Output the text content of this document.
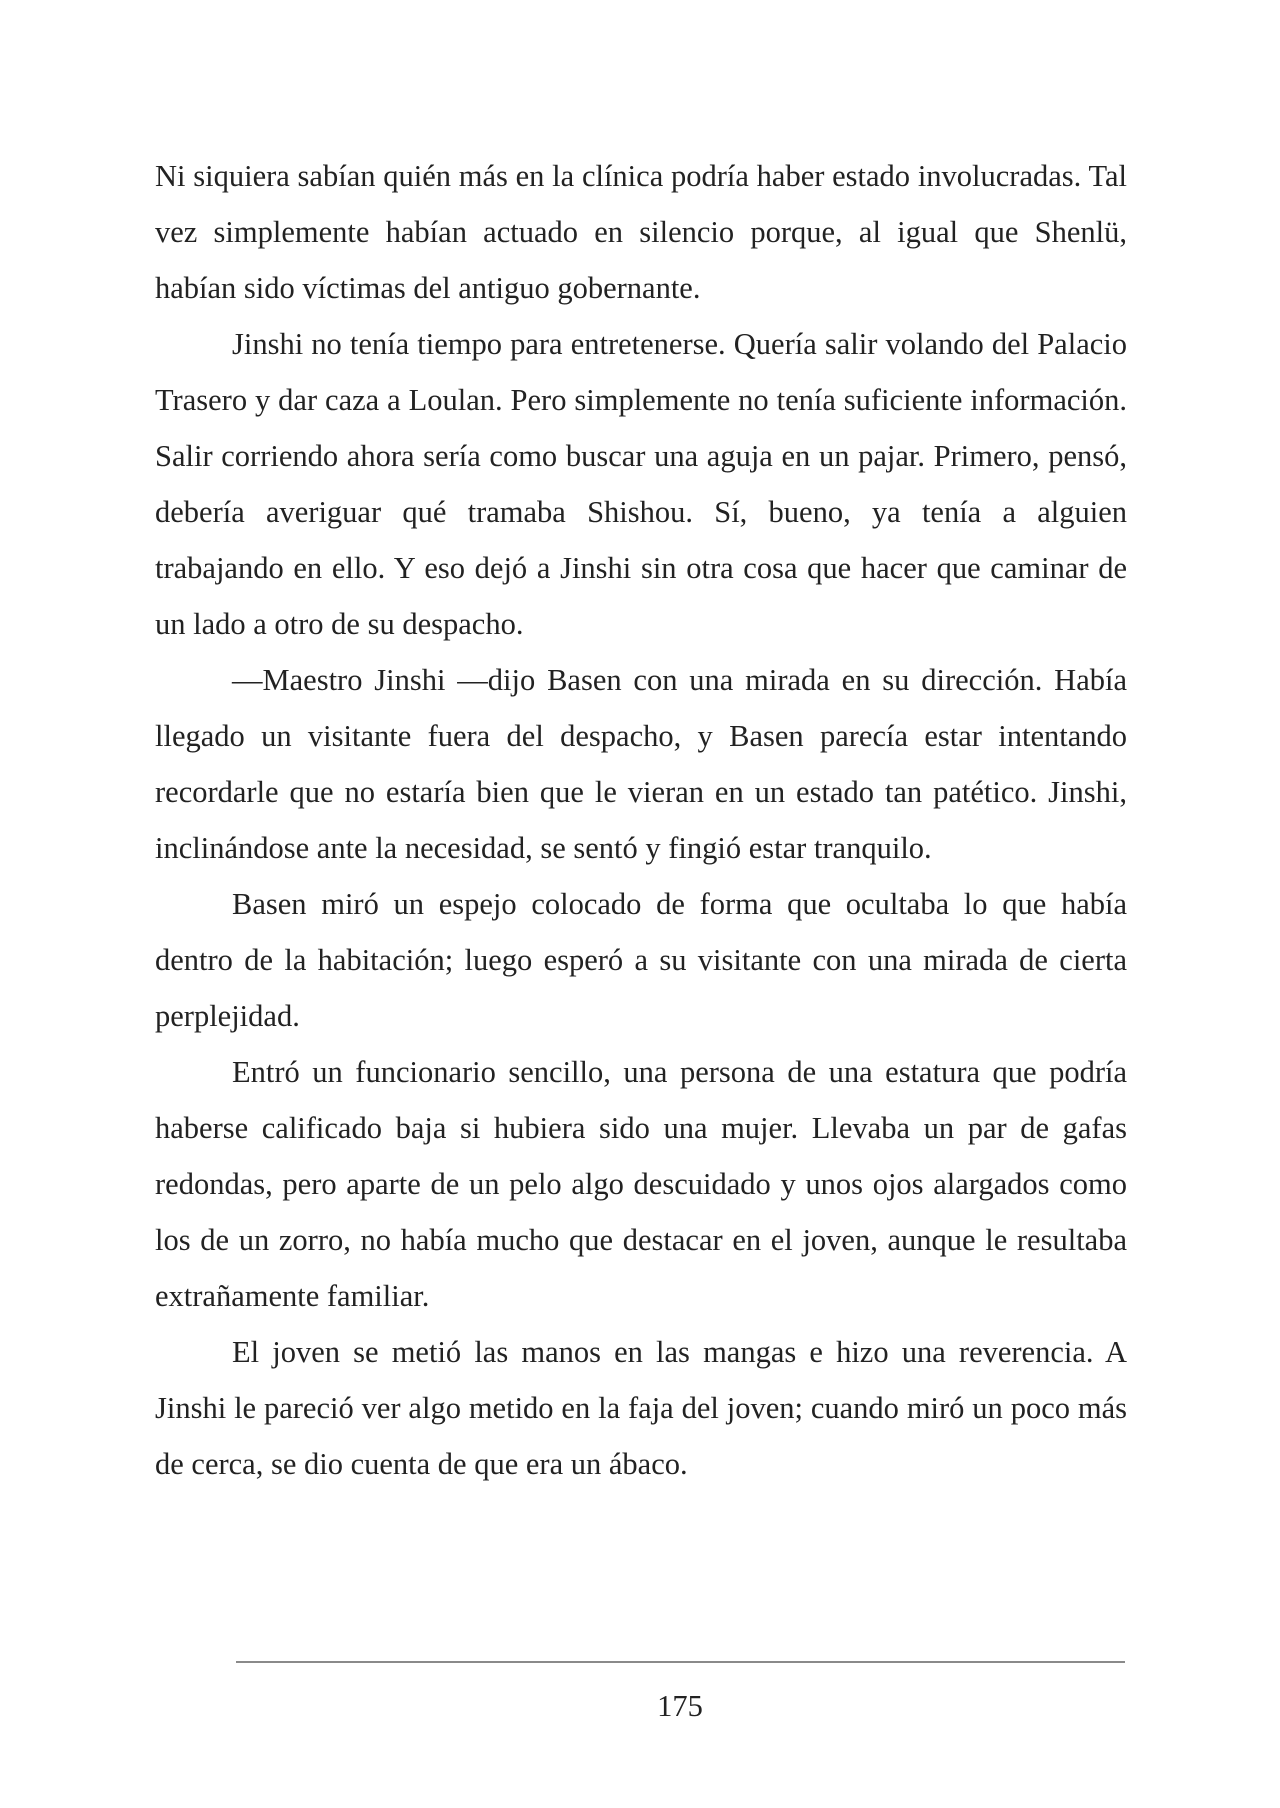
Ni siquiera sabían quién más en la clínica podría haber estado involucradas. Tal vez simplemente habían actuado en silencio porque, al igual que Shenlü, habían sido víctimas del antiguo gobernante.

Jinshi no tenía tiempo para entretenerse. Quería salir volando del Palacio Trasero y dar caza a Loulan. Pero simplemente no tenía suficiente información. Salir corriendo ahora sería como buscar una aguja en un pajar. Primero, pensó, debería averiguar qué tramaba Shishou. Sí, bueno, ya tenía a alguien trabajando en ello. Y eso dejó a Jinshi sin otra cosa que hacer que caminar de un lado a otro de su despacho.

—Maestro Jinshi —dijo Basen con una mirada en su dirección. Había llegado un visitante fuera del despacho, y Basen parecía estar intentando recordarle que no estaría bien que le vieran en un estado tan patético. Jinshi, inclinándose ante la necesidad, se sentó y fingió estar tranquilo.

Basen miró un espejo colocado de forma que ocultaba lo que había dentro de la habitación; luego esperó a su visitante con una mirada de cierta perplejidad.

Entró un funcionario sencillo, una persona de una estatura que podría haberse calificado baja si hubiera sido una mujer. Llevaba un par de gafas redondas, pero aparte de un pelo algo descuidado y unos ojos alargados como los de un zorro, no había mucho que destacar en el joven, aunque le resultaba extrañamente familiar.

El joven se metió las manos en las mangas e hizo una reverencia. A Jinshi le pareció ver algo metido en la faja del joven; cuando miró un poco más de cerca, se dio cuenta de que era un ábaco.

175
